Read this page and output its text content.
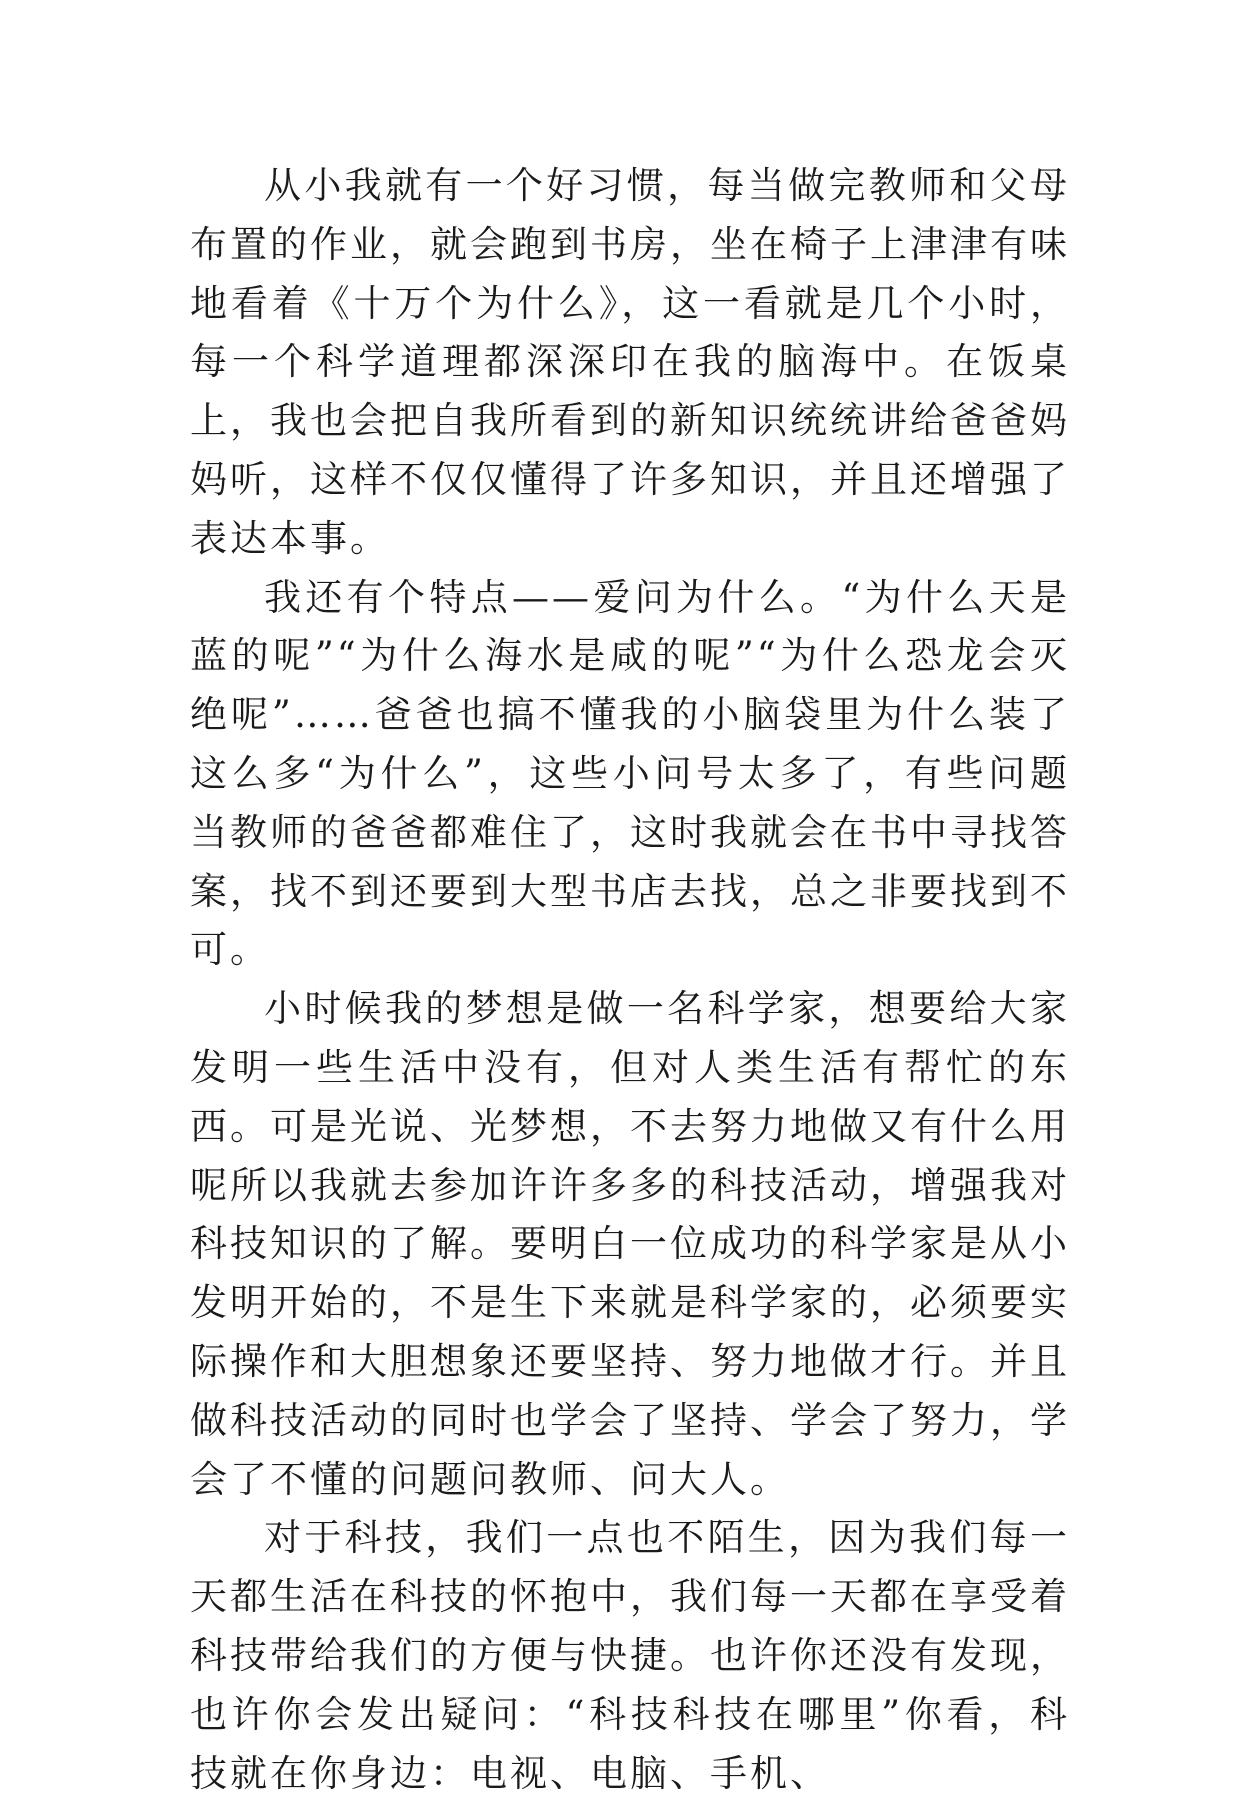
从小我就有一个好习惯，每当做完教师和父母布置的作业，就会跑到书房，坐在椅子上津津有味地看着《十万个为什么》，这一看就是几个小时，每一个科学道理都深深印在我的脑海中。在饭桌上，我也会把自我所看到的新知识统统讲给爸爸妈妈听，这样不仅仅懂得了许多知识，并且还增强了表达本事。

我还有个特点——爱问为什么。“为什么天是蓝的呢”“为什么海水是咸的呢”“为什么恐龙会灭绝呢”……爸爸也搞不懂我的小脑袋里为什么装了这么多“为什么”，这些小问号太多了，有些问题当教师的爸爸都难住了，这时我就会在书中寻找答案，找不到还要到大型书店去找，总之非要找到不可。

小时候我的梦想是做一名科学家，想要给大家发明一些生活中没有，但对人类生活有帮忙的东西。可是光说、光梦想，不去努力地做又有什么用呢所以我就去参加许许多多的科技活动，增强我对科技知识的了解。要明白一位成功的科学家是从小发明开始的，不是生下来就是科学家的，必须要实际操作和大胆想象还要坚持、努力地做才行。并且做科技活动的同时也学会了坚持、学会了努力，学会了不懂的问题问教师、问大人。

对于科技，我们一点也不陌生，因为我们每一天都生活在科技的怀抱中，我们每一天都在享受着科技带给我们的方便与快捷。也许你还没有发现，也许你会发出疑问：“科技科技在哪里”你看，科技就在你身边：电视、电脑、手机、
